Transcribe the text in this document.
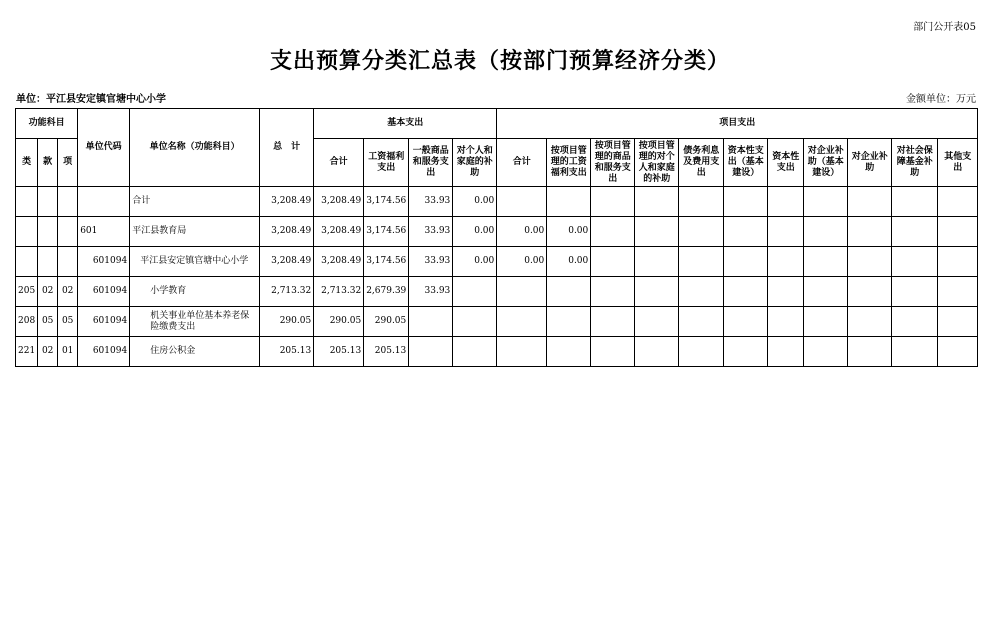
部门公开表05
支出预算分类汇总表（按部门预算经济分类）
单位：平江县安定镇官塘中心小学	金额单位：万元
功能科目			单位代码	单位名称（功能科目）	总　计	基本支出				项目支出										
类	款	项				合计	工资福利支出	一般商品和服务支出	对个人和家庭的补助	合计	按项目管理的工资福利支出	按项目管理的商品和服务支出	按项目管理的对个人和家庭的补助	债务利息及费用支出	资本性支出（基本建设）	资本性支出	对企业补助（基本建设）	对企业补助	对社会保障基金补助	其他支出
				合计	3,208.49	3,208.49	3,174.56	33.93	0.00											
			601	平江县教育局	3,208.49	3,208.49	3,174.56	33.93	0.00	0.00	0.00									
			601094	平江县安定镇官塘中心小学	3,208.49	3,208.49	3,174.56	33.93	0.00	0.00	0.00									
205	02	02	601094	小学教育	2,713.32	2,713.32	2,679.39	33.93												
208	05	05	601094	机关事业单位基本养老保险缴费支出	290.05	290.05	290.05													
221	02	01	601094	住房公积金	205.13	205.13	205.13													
